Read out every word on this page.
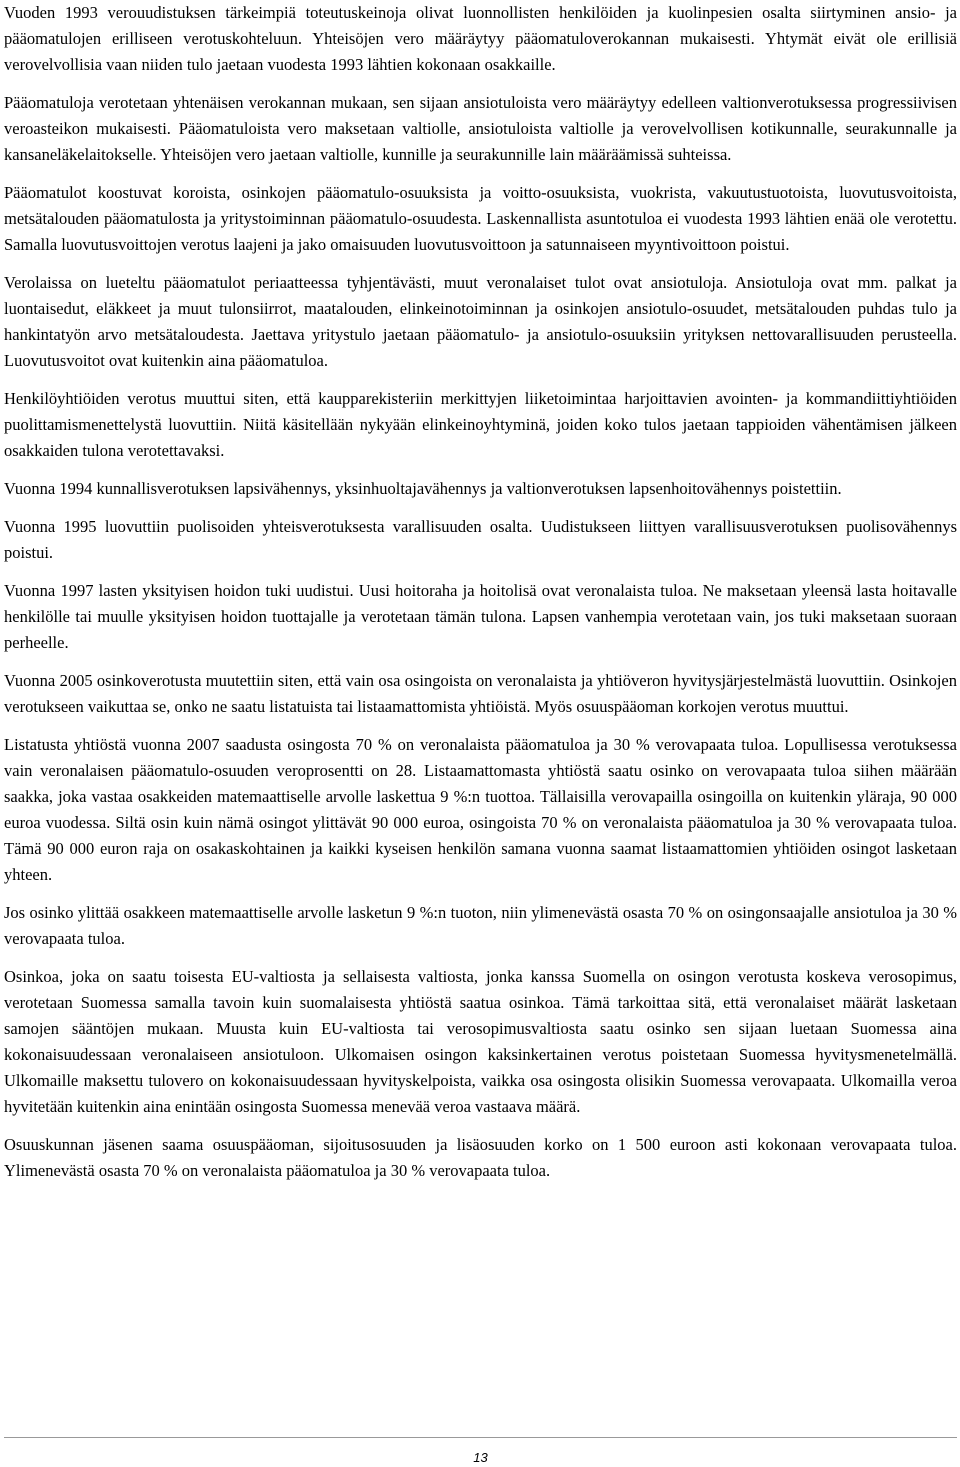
Vuoden 1993 verouudistuksen tärkeimpiä toteutuskeinoja olivat luonnollisten henkilöiden ja kuolinpesien osalta siirtyminen ansio- ja pääomatulojen erilliseen verotuskohteluun. Yhteisöjen vero määräytyy pääomatuloverokannan mukaisesti. Yhtymät eivät ole erillisiä verovelvollisia vaan niiden tulo jaetaan vuodesta 1993 lähtien kokonaan osakkaille.

Pääomatuloja verotetaan yhtenäisen verokannan mukaan, sen sijaan ansiotuloista vero määräytyy edelleen valtionverotuksessa progressiivisen veroasteikon mukaisesti. Pääomatuloista vero maksetaan valtiolle, ansiotuloista valtiolle ja verovelvollisen kotikunnalle, seurakunnalle ja kansaneläkelaitokselle. Yhteisöjen vero jaetaan valtiolle, kunnille ja seurakunnille lain määräämissä suhteissa.

Pääomatulot koostuvat koroista, osinkojen pääomatulo-osuuksista ja voitto-osuuksista, vuokrista, vakuutustuotoista, luovutusvoitoista, metsätalouden pääomatulosta ja yritystoiminnan pääomatulo-osuudesta. Laskennallista asuntotuloa ei vuodesta 1993 lähtien enää ole verotettu. Samalla luovutusvoittojen verotus laajeni ja jako omaisuuden luovutusvoittoon ja satunnaiseen myyntivoittoon poistui.

Verolaissa on lueteltu pääomatulot periaatteessa tyhjentävästi, muut veronalaiset tulot ovat ansiotuloja. Ansiotuloja ovat mm. palkat ja luontaisedut, eläkkeet ja muut tulonsiirrot, maatalouden, elinkeinotoiminnan ja osinkojen ansiotulo-osuudet, metsätalouden puhdas tulo ja hankintatyön arvo metsätaloudesta. Jaettava yritystulo jaetaan pääomatulo- ja ansiotulo-osuuksiin yrityksen nettovarallisuuden perusteella. Luovutusvoitot ovat kuitenkin aina pääomatuloa.

Henkilöyhtiöiden verotus muuttui siten, että kaupparekisteriin merkittyjen liiketoimintaa harjoittavien avointen- ja kommandiittiyhtiöiden puolittamismenettelystä luovuttiin. Niitä käsitellään nykyään elinkeinoyhtyminä, joiden koko tulos jaetaan tappioiden vähentämisen jälkeen osakkaiden tulona verotettavaksi.

Vuonna 1994 kunnallisverotuksen lapsivähennys, yksinhuoltajavähennys ja valtionverotuksen lapsenhoitovähennys poistettiin.

Vuonna 1995 luovuttiin puolisoiden yhteisverotuksesta varallisuuden osalta. Uudistukseen liittyen varallisuusverotuksen puolisovähennys poistui.

Vuonna 1997 lasten yksityisen hoidon tuki uudistui. Uusi hoitoraha ja hoitolisä ovat veronalaista tuloa. Ne maksetaan yleensä lasta hoitavalle henkilölle tai muulle yksityisen hoidon tuottajalle ja verotetaan tämän tulona. Lapsen vanhempia verotetaan vain, jos tuki maksetaan suoraan perheelle.

Vuonna 2005 osinkoverotusta muutettiin siten, että vain osa osingoista on veronalaista ja yhtiöveron hyvitysjärjestelmästä luovuttiin. Osinkojen verotukseen vaikuttaa se, onko ne saatu listatuista tai listaamattomista yhtiöistä. Myös osuuspääoman korkojen verotus muuttui.

Listatusta yhtiöstä vuonna 2007 saadusta osingosta 70 % on veronalaista pääomatuloa ja 30 % verovapaata tuloa. Lopullisessa verotuksessa vain veronalaisen pääomatulo-osuuden veroprosentti on 28. Listaamattomasta yhtiöstä saatu osinko on verovapaata tuloa siihen määrään saakka, joka vastaa osakkeiden matemaattiselle arvolle laskettua 9 %:n tuottoa. Tällaisilla verovapailla osingoilla on kuitenkin yläraja, 90 000 euroa vuodessa. Siltä osin kuin nämä osingot ylittävät 90 000 euroa, osingoista 70 % on veronalaista pääomatuloa ja 30 % verovapaata tuloa. Tämä 90 000 euron raja on osakaskohtainen ja kaikki kyseisen henkilön samana vuonna saamat listaamattomien yhtiöiden osingot lasketaan yhteen.

Jos osinko ylittää osakkeen matemaattiselle arvolle lasketun 9 %:n tuoton, niin ylimenevästä osasta 70 % on osingonsaajalle ansiotuloa ja 30 % verovapaata tuloa.

Osinkoa, joka on saatu toisesta EU-valtiosta ja sellaisesta valtiosta, jonka kanssa Suomella on osingon verotusta koskeva verosopimus, verotetaan Suomessa samalla tavoin kuin suomalaisesta yhtiöstä saatua osinkoa. Tämä tarkoittaa sitä, että veronalaiset määrät lasketaan samojen sääntöjen mukaan. Muusta kuin EU-valtiosta tai verosopimusvaltiosta saatu osinko sen sijaan luetaan Suomessa aina kokonaisuudessaan veronalaiseen ansiotuloon. Ulkomaisen osingon kaksinkertainen verotus poistetaan Suomessa hyvitysmenetelmällä. Ulkomaille maksettu tulovero on kokonaisuudessaan hyvityskelpoista, vaikka osa osingosta olisikin Suomessa verovapaata. Ulkomailla veroa hyvitetään kuitenkin aina enintään osingosta Suomessa menevää veroa vastaava määrä.

Osuuskunnan jäsenen saama osuuspääoman, sijoitusosuuden ja lisäosuuden korko on 1 500 euroon asti kokonaan verovapaata tuloa. Ylimenevästä osasta 70 % on veronalaista pääomatuloa ja 30 % verovapaata tuloa.

13
